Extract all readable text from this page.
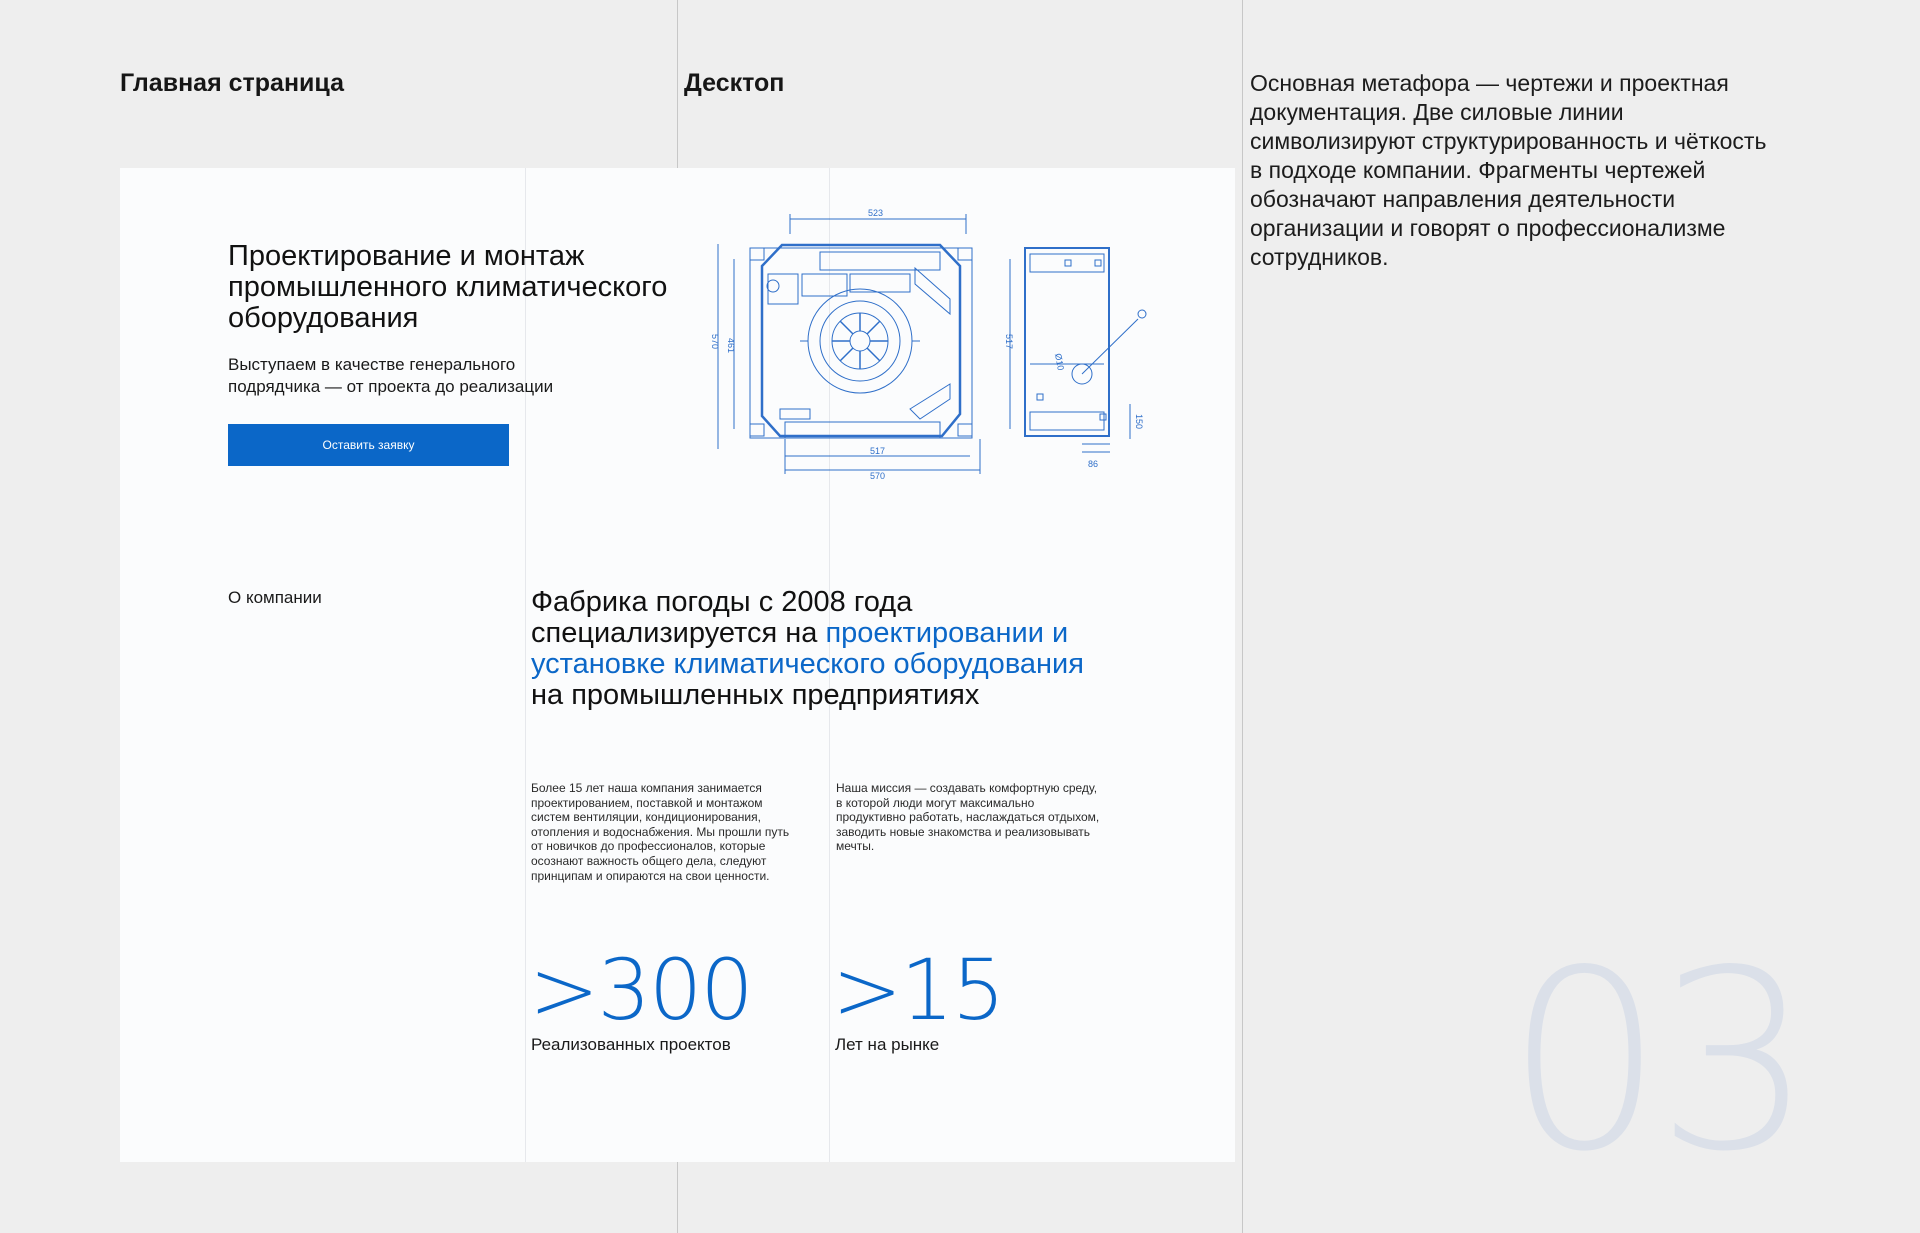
Главная страница	Десктоп	Основная метафора — чертежи и проектная документация. Две силовые линии символизируют структурированность и чёткость в подходе компании. Фрагменты чертежей обозначают направления деятельности организации и говорят о профессионализме сотрудников.
03
Проектирование и монтаж промышленного климатического оборудования
Выступаем в качестве генерального подрядчика — от проекта до реализации
Оставить заявку
523
517
570
86
570 461	517
150
Ø10
О компании	Фабрика погоды с 2008 года специализируется на проектировании и установке климатического оборудования на промышленных предприятиях
Более 15 лет наша компания занимается проектированием, поставкой и монтажом систем вентиляции, кондиционирования, отопления и водоснабжения. Мы прошли путь от новичков до профессионалов, которые осознают важность общего дела, следуют принципам и опираются на свои ценности.
Наша миссия — создавать комфортную среду, в которой люди могут максимально продуктивно работать, наслаждаться отдыхом, заводить новые знакомства и реализовывать мечты.
>300
Реализованных проектов
>15
Лет на рынке
